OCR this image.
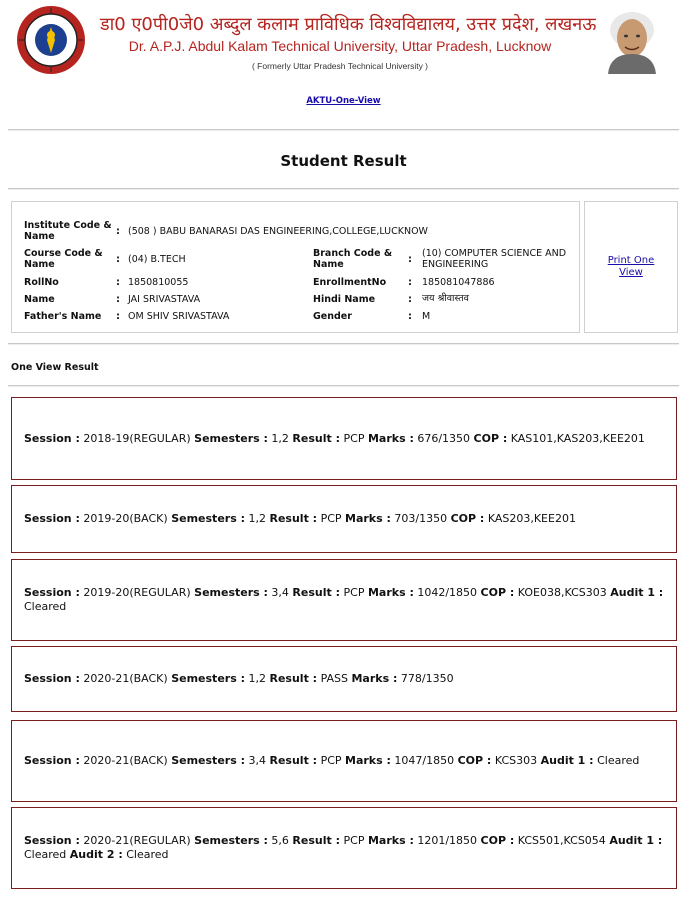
डा0 ए0पी0जे0 अब्दुल कलाम प्राविधिक विश्वविद्यालय, उत्तर प्रदेश, लखनऊ
Dr. A.P.J. Abdul Kalam Technical University, Uttar Pradesh, Lucknow
( Formerly Uttar Pradesh Technical University )
AKTU-One-View
Student Result
Institute Code & Name	: (508 ) BABU BANARASI DAS ENGINEERING,COLLEGE,LUCKNOW
Course Code & Name	: (04) B.TECH
Branch Code & Name	:
(10) COMPUTER SCIENCE AND ENGINEERING
RollNo	: 1850810055	EnrollmentNo : 185081047886
Name	: JAI SRIVASTAVA	Hindi Name	: जय श्रीवास्तव
Father's Name : OM SHIV SRIVASTAVA	Gender	: M
Print One View
One View Result
Session : 2018-19(REGULAR) Semesters : 1,2 Result : PCP Marks : 676/1350 COP : KAS101,KAS203,KEE201
Session : 2019-20(BACK) Semesters : 1,2 Result : PCP Marks : 703/1350 COP : KAS203,KEE201
Session : 2019-20(REGULAR) Semesters : 3,4 Result : PCP Marks : 1042/1850 COP : KOE038,KCS303 Audit 1 : Cleared
Session : 2020-21(BACK) Semesters : 1,2 Result : PASS Marks : 778/1350
Session : 2020-21(BACK) Semesters : 3,4 Result : PCP Marks : 1047/1850 COP : KCS303 Audit 1 : Cleared
Session : 2020-21(REGULAR) Semesters : 5,6 Result : PCP Marks : 1201/1850 COP : KCS501,KCS054 Audit 1 : Cleared Audit 2 : Cleared
